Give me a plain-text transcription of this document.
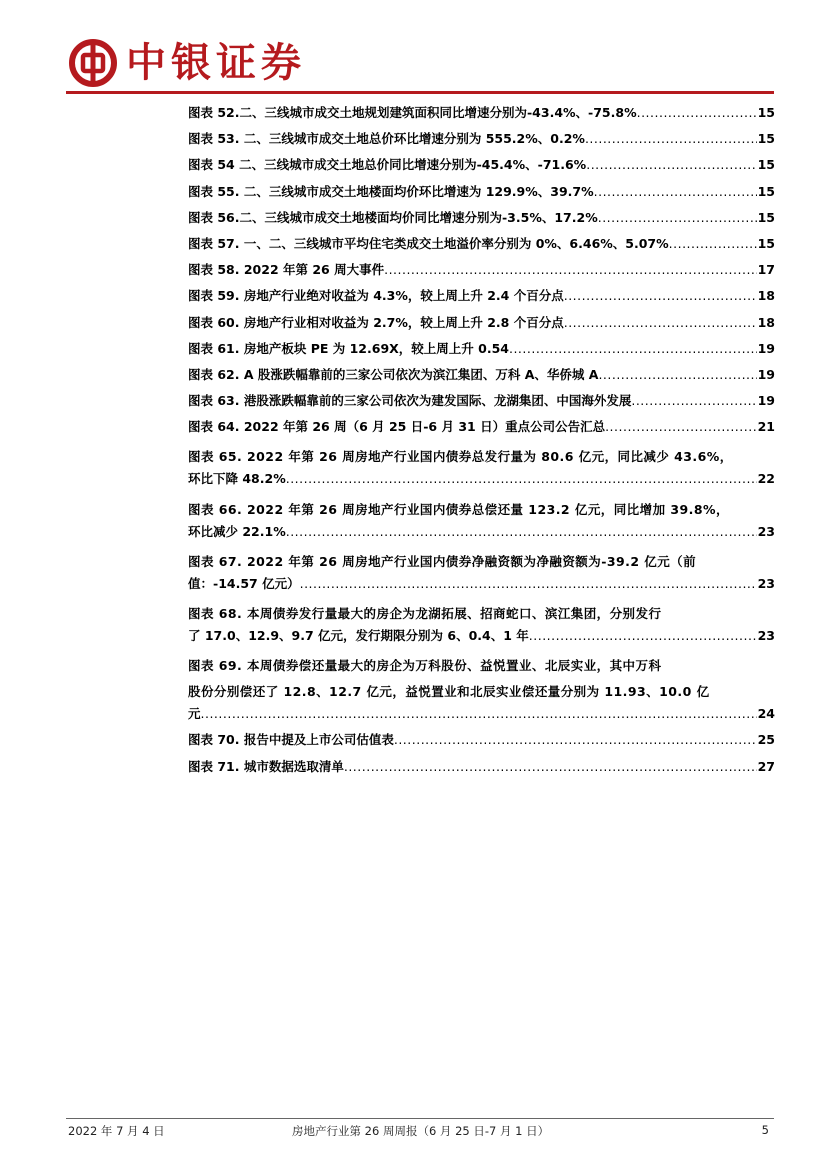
中银证券
图表 52.二、三线城市成交土地规划建筑面积同比增速分别为-43.4%、-75.8% .....	15
图表 53. 二、三线城市成交土地总价环比增速分别为 555.2%、0.2% .....	15
图表 54 二、三线城市成交土地总价同比增速分别为-45.4%、-71.6% .....	15
图表 55. 二、三线城市成交土地楼面均价环比增速为 129.9%、39.7% .....	15
图表 56.二、三线城市成交土地楼面均价同比增速分别为-3.5%、17.2% .....	15
图表 57. 一、二、三线城市平均住宅类成交土地溢价率分别为 0%、6.46%、5.07% .....	15
图表 58. 2022 年第 26 周大事件 .....	17
图表 59. 房地产行业绝对收益为 4.3%，较上周上升 2.4 个百分点 .....	18
图表 60. 房地产行业相对收益为 2.7%，较上周上升 2.8 个百分点 .....	18
图表 61. 房地产板块 PE 为 12.69X，较上周上升 0.54 .....	19
图表 62. A 股涨跌幅靠前的三家公司依次为滨江集团、万科 A、华侨城 A .....	19
图表 63. 港股涨跌幅靠前的三家公司依次为建发国际、龙湖集团、中国海外发展 .....	19
图表 64. 2022 年第 26 周（6 月 25 日-6 月 31 日）重点公司公告汇总 .....	21
图表 65. 2022 年第 26 周房地产行业国内债券总发行量为 80.6 亿元，同比减少 43.6%，
环比下降 48.2% .....	22
图表 66. 2022 年第 26 周房地产行业国内债券总偿还量 123.2 亿元，同比增加 39.8%，
环比减少 22.1% .....	23
图表 67. 2022 年第 26 周房地产行业国内债券净融资额为净融资额为-39.2 亿元（前
值：-14.57 亿元） .....	23
图表 68. 本周债券发行量最大的房企为龙湖拓展、招商蛇口、滨江集团，分别发行
了 17.0、12.9、9.7 亿元，发行期限分别为 6、0.4、1 年 .....	23
图表 69. 本周债券偿还量最大的房企为万科股份、益悦置业、北辰实业，其中万科
股份分别偿还了 12.8、12.7 亿元，益悦置业和北辰实业偿还量分别为 11.93、10.0 亿
元 .....	24
图表 70. 报告中提及上市公司估值表 .....	25
图表 71. 城市数据选取清单 .....	27
2022 年 7 月 4 日	房地产行业第 26 周周报（6 月 25 日-7 月 1 日）	5
